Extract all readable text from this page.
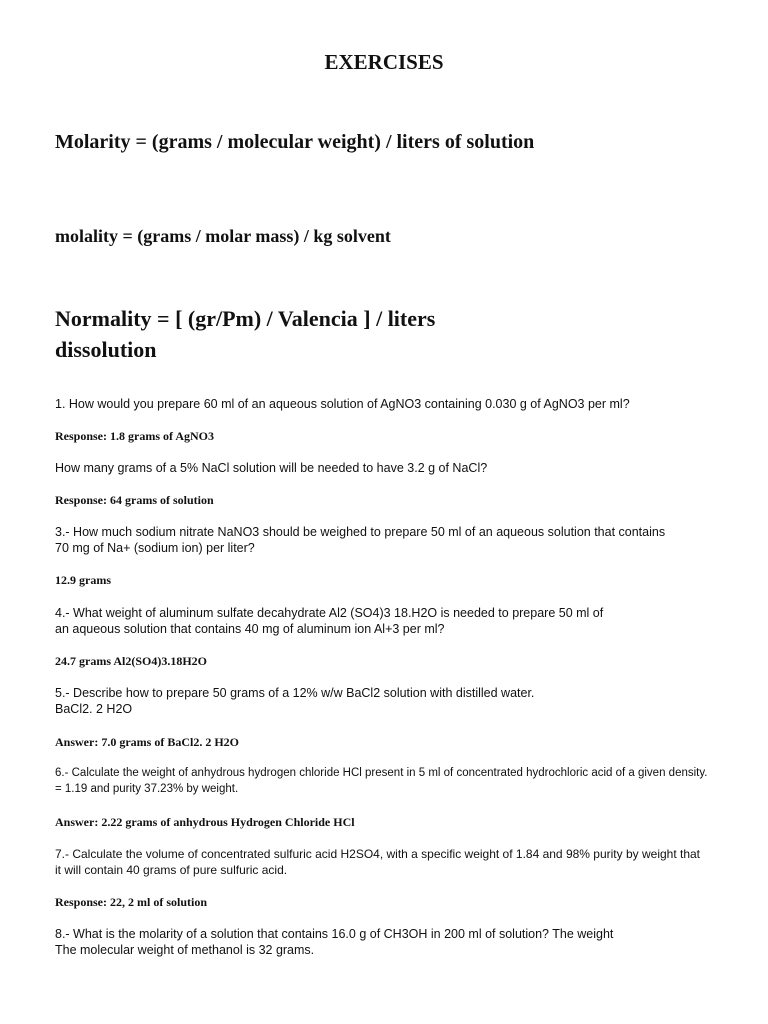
EXERCISES
Molarity = (grams / molecular weight) / liters of solution
molality = (grams / molar mass) / kg solvent
Normality = [ (gr/Pm) / Valencia ] / liters
dissolution
1. How would you prepare 60 ml of an aqueous solution of AgNO3 containing 0.030 g of AgNO3 per ml?
Response: 1.8 grams of AgNO3
How many grams of a 5% NaCl solution will be needed to have 3.2 g of NaCl?
Response: 64 grams of solution
3.- How much sodium nitrate NaNO3 should be weighed to prepare 50 ml of an aqueous solution that contains
70 mg of Na+ (sodium ion) per liter?
12.9 grams
4.- What weight of aluminum sulfate decahydrate Al2 (SO4)3 18.H2O is needed to prepare 50 ml of
an aqueous solution that contains 40 mg of aluminum ion Al+3 per ml?
24.7 grams Al2(SO4)3.18H2O
5.- Describe how to prepare 50 grams of a 12% w/w BaCl2 solution with distilled water.
BaCl2. 2 H2O
Answer: 7.0 grams of BaCl2. 2 H2O
6.- Calculate the weight of anhydrous hydrogen chloride HCl present in 5 ml of concentrated hydrochloric acid of a given density.
= 1.19 and purity 37.23% by weight.
Answer: 2.22 grams of anhydrous Hydrogen Chloride HCl
7.- Calculate the volume of concentrated sulfuric acid H2SO4, with a specific weight of 1.84 and 98% purity by weight that
it will contain 40 grams of pure sulfuric acid.
Response: 22, 2 ml of solution
8.- What is the molarity of a solution that contains 16.0 g of CH3OH in 200 ml of solution? The weight
The molecular weight of methanol is 32 grams.
